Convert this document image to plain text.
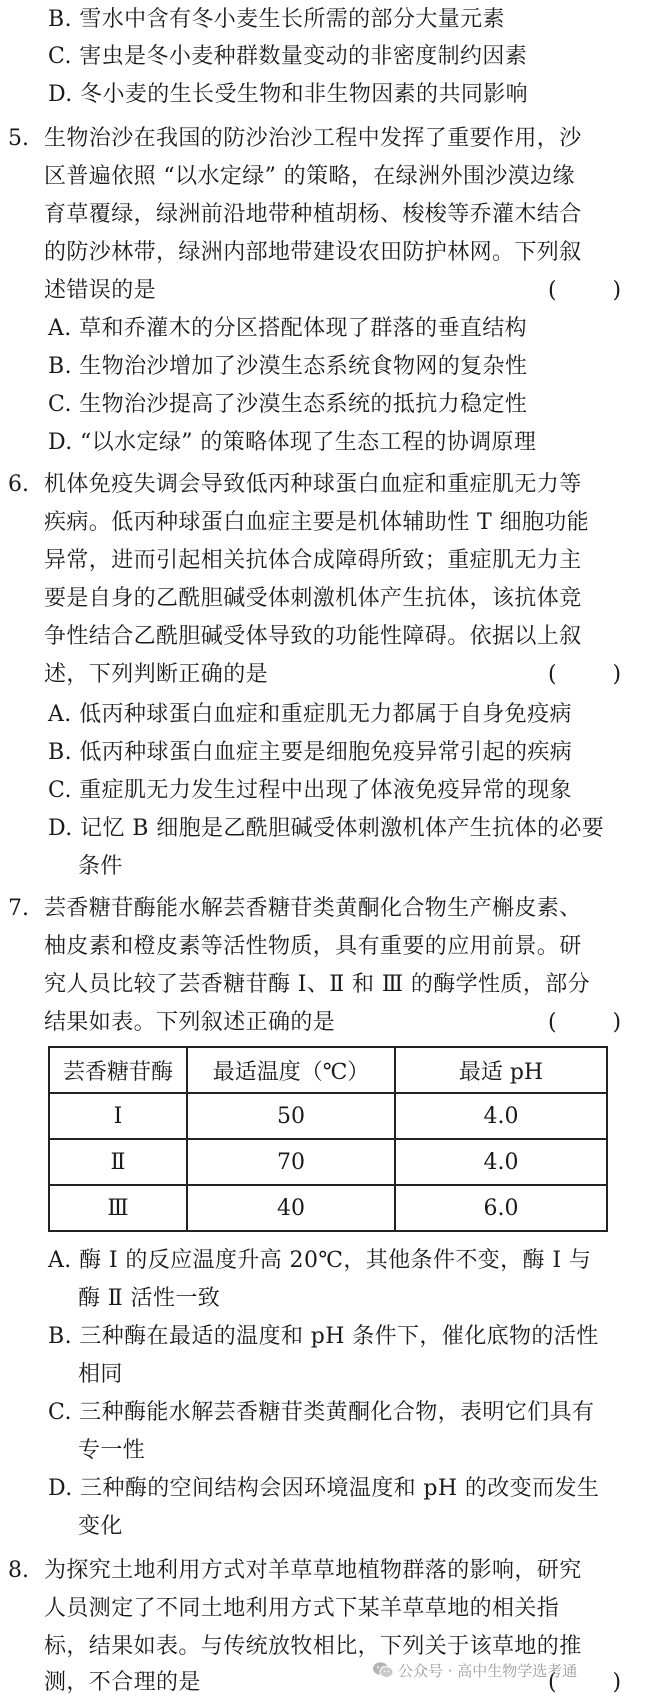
B. 雪水中含有冬小麦生长所需的部分大量元素
C. 害虫是冬小麦种群数量变动的非密度制约因素
D. 冬小麦的生长受生物和非生物因素的共同影响
5. 生物治沙在我国的防沙治沙工程中发挥了重要作用，沙
区普遍依照 “以水定绿” 的策略，在绿洲外围沙漠边缘
育草覆绿，绿洲前沿地带种植胡杨、梭梭等乔灌木结合
的防沙林带，绿洲内部地带建设农田防护林网。下列叙
述错误的是	(        )
A. 草和乔灌木的分区搭配体现了群落的垂直结构
B. 生物治沙增加了沙漠生态系统食物网的复杂性
C. 生物治沙提高了沙漠生态系统的抵抗力稳定性
D. “以水定绿” 的策略体现了生态工程的协调原理
6. 机体免疫失调会导致低丙种球蛋白血症和重症肌无力等
疾病。低丙种球蛋白血症主要是机体辅助性 T 细胞功能
异常，进而引起相关抗体合成障碍所致；重症肌无力主
要是自身的乙酰胆碱受体刺激机体产生抗体，该抗体竞
争性结合乙酰胆碱受体导致的功能性障碍。依据以上叙
述，下列判断正确的是	(        )
A. 低丙种球蛋白血症和重症肌无力都属于自身免疫病
B. 低丙种球蛋白血症主要是细胞免疫异常引起的疾病
C. 重症肌无力发生过程中出现了体液免疫异常的现象
D. 记忆 B 细胞是乙酰胆碱受体刺激机体产生抗体的必要
条件
7. 芸香糖苷酶能水解芸香糖苷类黄酮化合物生产槲皮素、
柚皮素和橙皮素等活性物质，具有重要的应用前景。研
究人员比较了芸香糖苷酶 Ⅰ、Ⅱ 和 Ⅲ 的酶学性质，部分
结果如表。下列叙述正确的是	(        )
芸香糖苷酶	最适温度（℃）	最适 pH
Ⅰ	50	4.0
Ⅱ	70	4.0
Ⅲ	40	6.0
A. 酶 Ⅰ 的反应温度升高 20℃，其他条件不变，酶 Ⅰ 与
酶 Ⅱ 活性一致
B. 三种酶在最适的温度和 pH 条件下，催化底物的活性
相同
C. 三种酶能水解芸香糖苷类黄酮化合物，表明它们具有
专一性
D. 三种酶的空间结构会因环境温度和 pH 的改变而发生
变化
8. 为探究土地利用方式对羊草草地植物群落的影响，研究
人员测定了不同土地利用方式下某羊草草地的相关指
标，结果如表。与传统放牧相比，下列关于该草地的推
测，不合理的是	(        )
公众号 · 高中生物学选考通
